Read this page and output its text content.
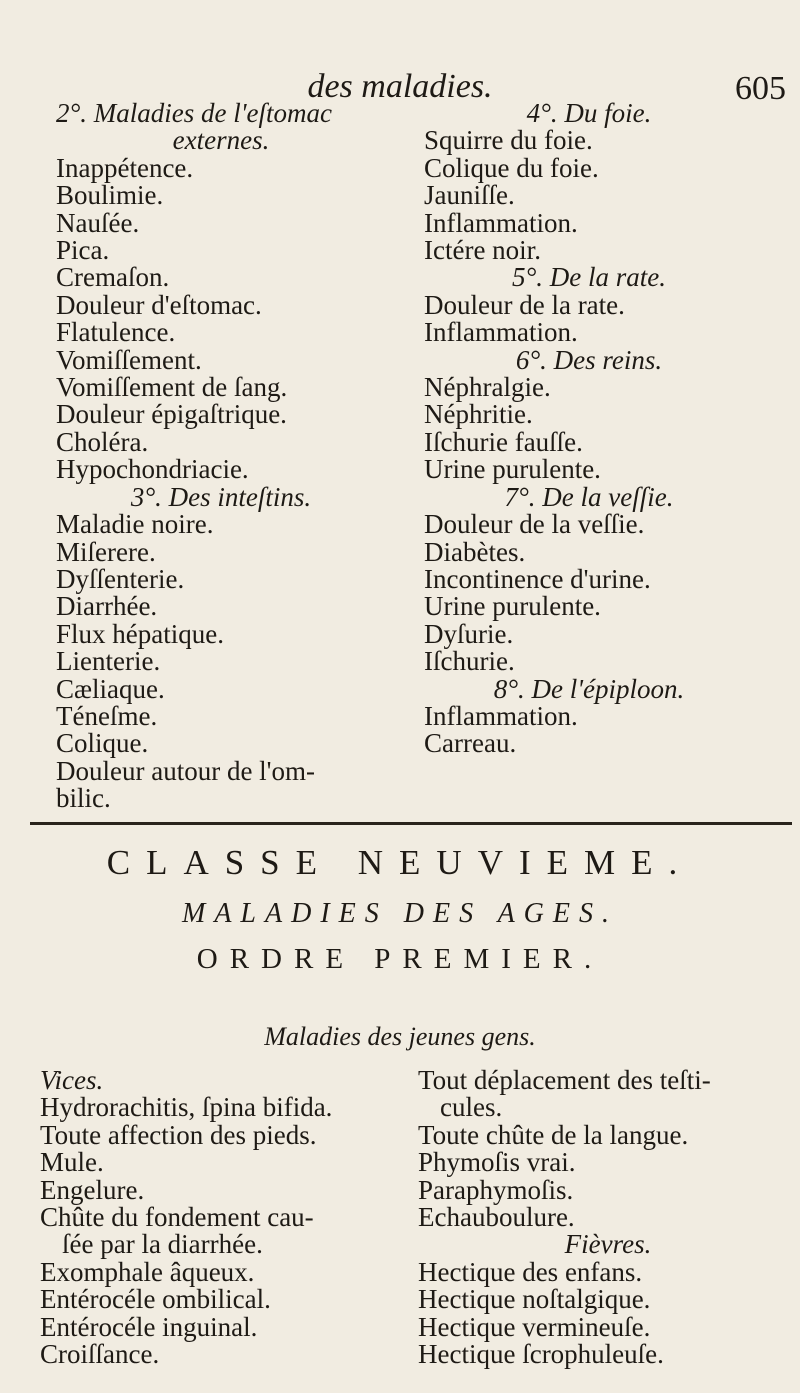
des maladies.	605
2°. Maladies de l'eſtomac
externes.
Inappétence.
Boulimie.
Nauſée.
Pica.
Cremaſon.
Douleur d'eſtomac.
Flatulence.
Vomiſſement.
Vomiſſement de ſang.
Douleur épigaſtrique.
Choléra.
Hypochondriacie.
3°. Des inteſtins.
Maladie noire.
Miſerere.
Dyſſenterie.
Diarrhée.
Flux hépatique.
Lienterie.
Cæliaque.
Téneſme.
Colique.
Douleur autour de l'om-
bilic.
4°. Du foie.
Squirre du foie.
Colique du foie.
Jauniſſe.
Inflammation.
Ictére noir.
5°. De la rate.
Douleur de la rate.
Inflammation.
6°. Des reins.
Néphralgie.
Néphritie.
Iſchurie fauſſe.
Urine purulente.
7°. De la veſſie.
Douleur de la veſſie.
Diabètes.
Incontinence d'urine.
Urine purulente.
Dyſurie.
Iſchurie.
8°. De l'épiploon.
Inflammation.
Carreau.
CLASSE NEUVIEME.
MALADIES DES AGES.
ORDRE PREMIER.
Maladies des jeunes gens.
Vices.
Hydrorachitis, ſpina bifida.
Toute affection des pieds.
Mule.
Engelure.
Chûte du fondement cau-
ſée par la diarrhée.
Exomphale âqueux.
Entérocéle ombilical.
Entérocéle inguinal.
Croiſſance.
Tout déplacement des teſti-
cules.
Toute chûte de la langue.
Phymoſis vrai.
Paraphymoſis.
Echauboulure.
Fièvres.
Hectique des enfans.
Hectique noſtalgique.
Hectique vermineuſe.
Hectique ſcrophuleuſe.
